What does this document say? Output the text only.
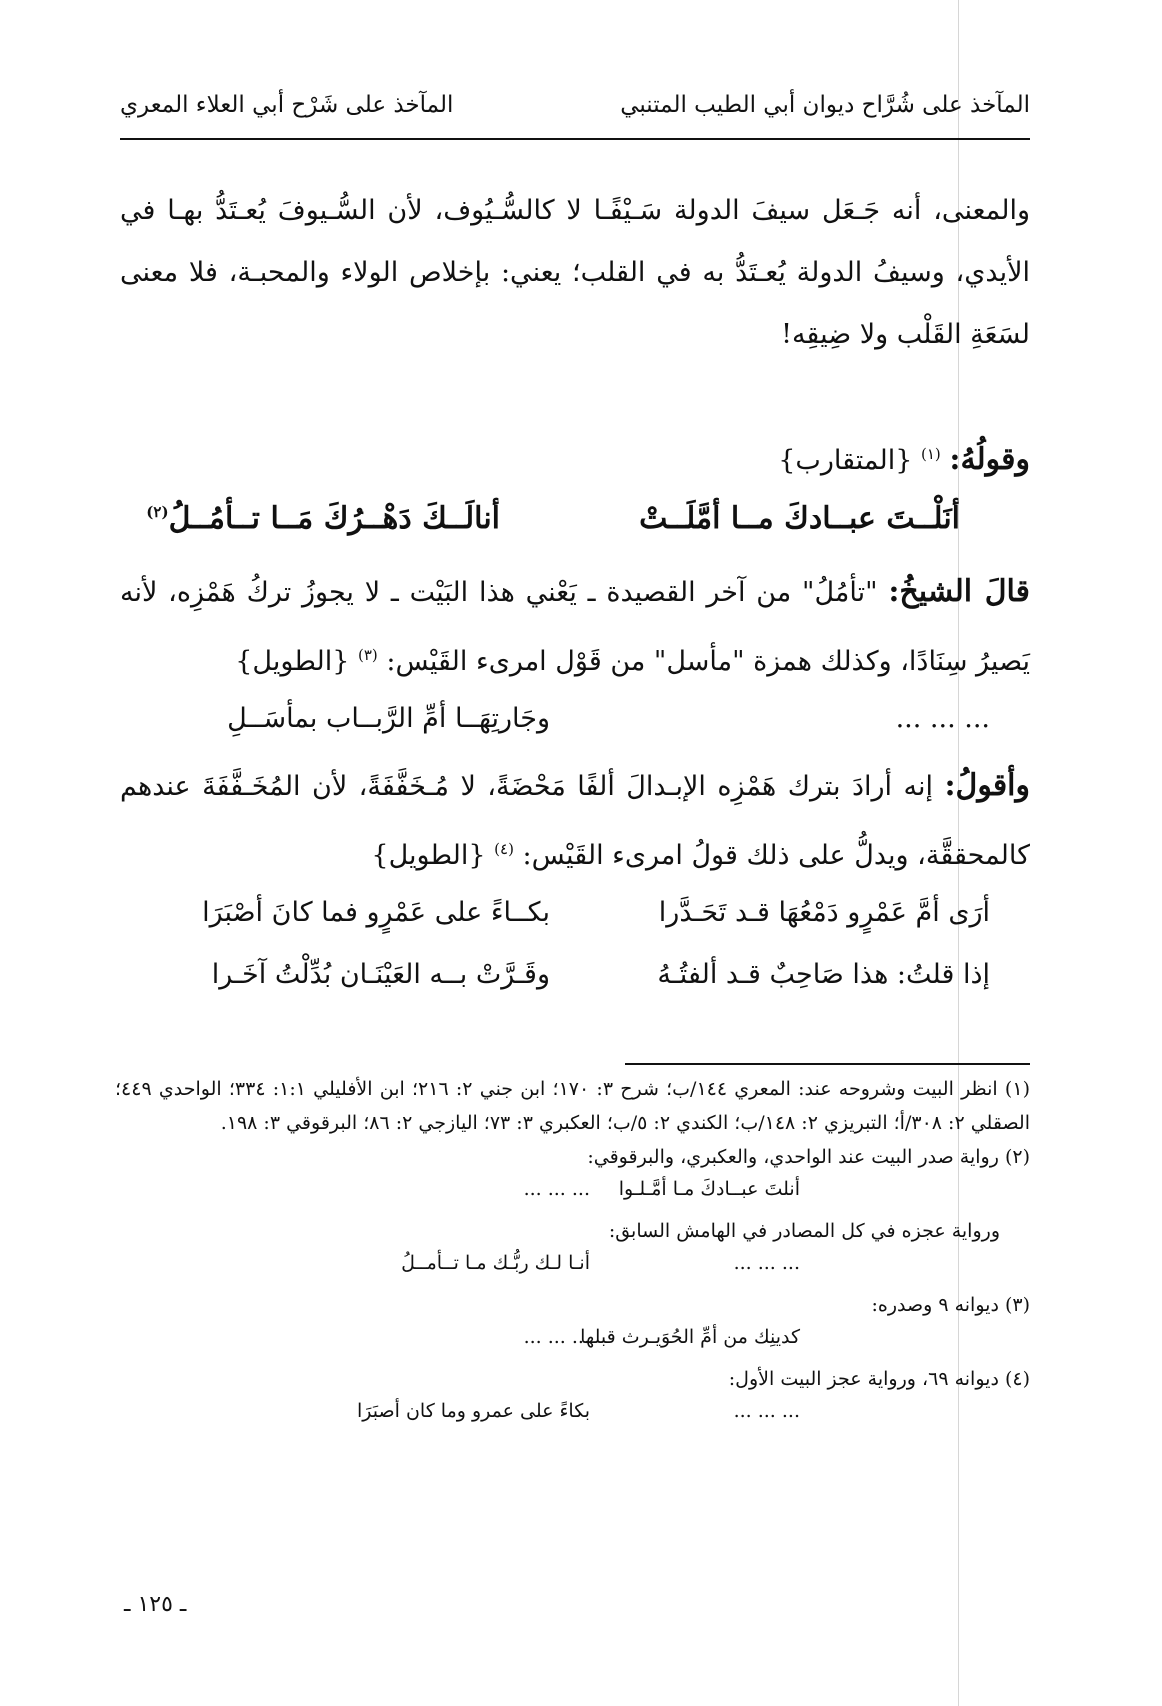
المآخذ على شُرَّاح ديوان أبي الطيب المتنبي
المآخذ على شَرْح أبي العلاء المعري

والمعنى، أنه جَـعَل سيفَ الدولة سَـيْفًـا لا كالسُّـيُوف، لأن السُّـيوفَ يُعـتَدُّ بهـا في الأيدي، وسيفُ الدولة يُعـتَدُّ به في القلب؛ يعني: بإخلاص الولاء والمحبـة، فلا معنى لسَعَةِ القَلْب ولا ضِيقِه!

وقولُهُ: $^{(١)}$ {المتقارب}

أنَلْــتَ عبــادكَ مــا أمَّلَــتْ
أنالَــكَ دَهْــرُكَ مَــا تــأمُــلُ$^{(٢)}$

قالَ الشيخُ: "تأمُلُ" من آخر القصيدة ـ يَعْني هذا البَيْت ـ لا يجوزُ تركُ هَمْزِه، لأنه يَصيرُ سِنَادًا، وكذلك همزة "مأسل" من قَوْل امرىء القَيْس: $^{(٣)}$ {الطويل}

... ... ...
وجَارتِهَــا أمِّ الرَّبــاب بمأسَــلِ

وأقولُ: إنه أرادَ بترك هَمْزِه الإبـدالَ ألفًا مَحْضَةً، لا مُـخَفَّفَةً، لأن المُخَـفَّفَةَ عندهم كالمحققَّة، ويدلُّ على ذلك قولُ امرىء القَيْس: $^{(٤)}$ {الطويل}

أرَى أمَّ عَمْرٍو دَمْعُهَا قـد تَحَـدَّرا
بكــاءً على عَمْرٍو فما كانَ أصْبَرَا
إذا قلتُ: هذا صَاحِبٌ قـد ألفتُـهُ
وقَـرَّتْ بــه العَيْنَـان بُدِّلْتُ آخَـرا

(١) انظر البيت وشروحه عند: المعري ١٤٤/ب؛ شرح ٣: ١٧٠؛ ابن جني ٢: ٢١٦؛ ابن الأفليلي ١:١: ٣٣٤؛ الواحدي ٤٤٩؛ الصقلي ٢: ٣٠٨/أ؛ التبريزي ٢: ١٤٨/ب؛ الكندي ٢: ٥/ب؛ العكبري ٣: ٧٣؛ اليازجي ٢: ٨٦؛ البرقوقي ٣: ١٩٨.

(٢) رواية صدر البيت عند الواحدي، والعكبري، والبرقوقي:

أنلتَ عبــادكَ مـا أمَّـلـوا
... ... ...

ورواية عجزه في كل المصادر في الهامش السابق:

... ... ...
أنـا لـك ربُّـك مـا تــأمــلُ

(٣) ديوانه ٩ وصدره:

كدينِك من أمِّ الحُوَيـرث قبلها
... ... ...

(٤) ديوانه ٦٩، ورواية عجز البيت الأول:

... ... ...
بكاءً على عمرو وما كان أصبَرَا
ـ ١٢٥ ـ
